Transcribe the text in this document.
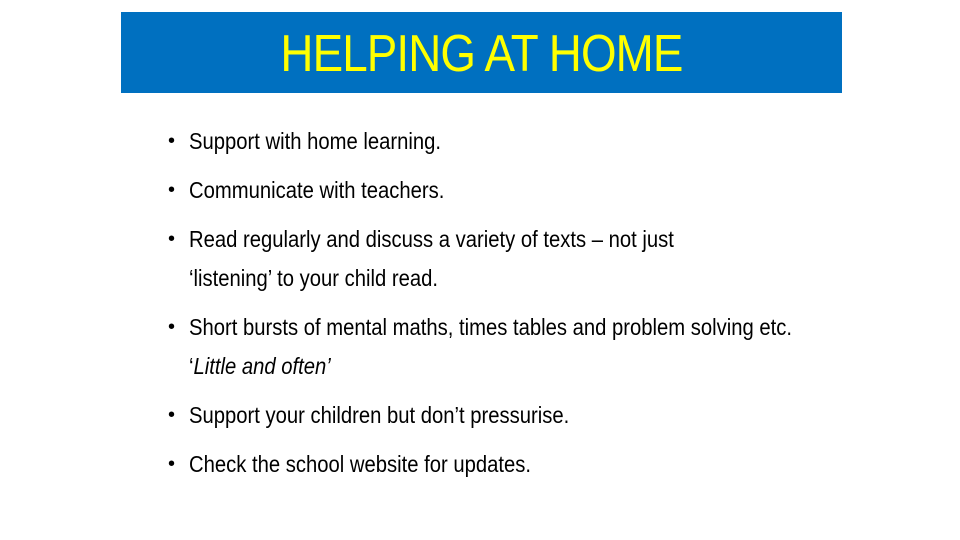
HELPING AT HOME
• Support with home learning.
• Communicate with teachers.
• Read regularly and discuss a variety of texts – not just ‘listening’ to your child read.
• Short bursts of mental maths, times tables and problem solving etc. ‘Little and often’
• Support your children but don’t pressurise.
• Check the school website for updates.
